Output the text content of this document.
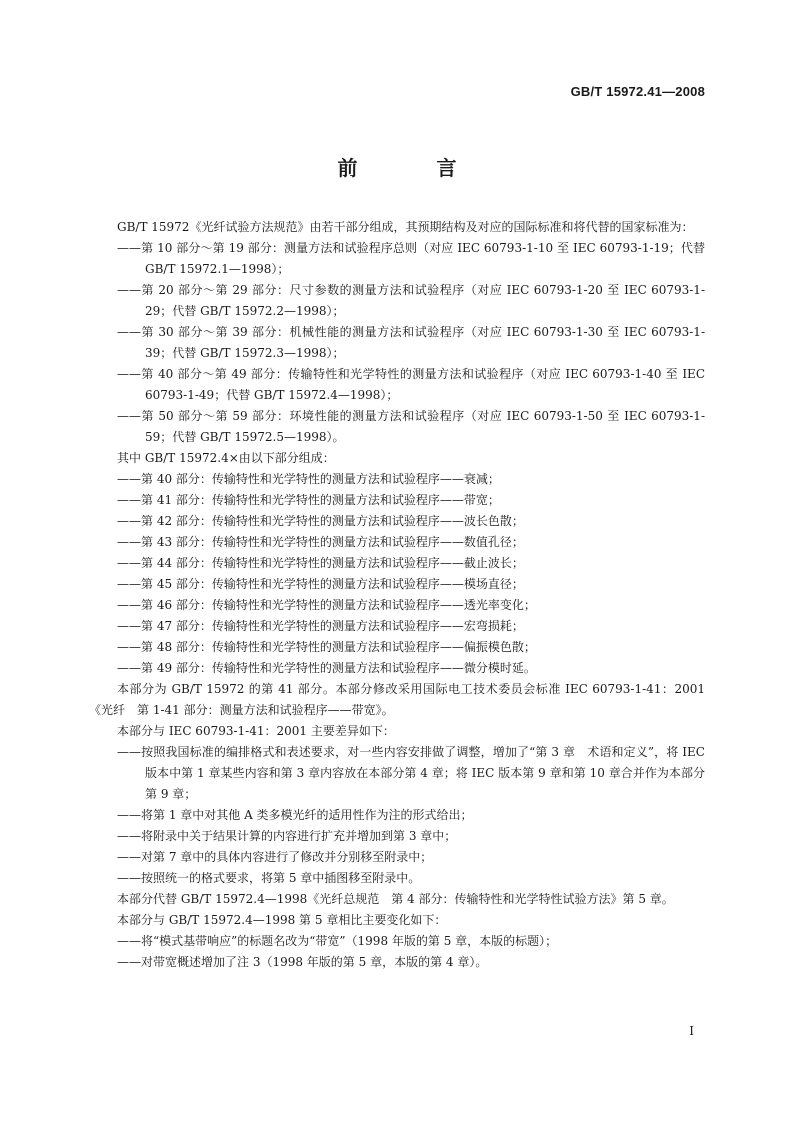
GB/T 15972.41—2008
前 言

GB/T 15972《光纤试验方法规范》由若干部分组成，其预期结构及对应的国际标准和将代替的国家标准为：

——第 10 部分～第 19 部分：测量方法和试验程序总则（对应 IEC 60793-1-10 至 IEC 60793-1-19；代替 GB/T 15972.1—1998）；

——第 20 部分～第 29 部分：尺寸参数的测量方法和试验程序（对应 IEC 60793-1-20 至 IEC 60793-1-29；代替 GB/T 15972.2—1998）；

——第 30 部分～第 39 部分：机械性能的测量方法和试验程序（对应 IEC 60793-1-30 至 IEC 60793-1-39；代替 GB/T 15972.3—1998）；

——第 40 部分～第 49 部分：传输特性和光学特性的测量方法和试验程序（对应 IEC 60793-1-40 至 IEC 60793-1-49；代替 GB/T 15972.4—1998）；

——第 50 部分～第 59 部分：环境性能的测量方法和试验程序（对应 IEC 60793-1-50 至 IEC 60793-1-59；代替 GB/T 15972.5—1998）。

其中 GB/T 15972.4×由以下部分组成：

——第 40 部分：传输特性和光学特性的测量方法和试验程序——衰减；

——第 41 部分：传输特性和光学特性的测量方法和试验程序——带宽；

——第 42 部分：传输特性和光学特性的测量方法和试验程序——波长色散；

——第 43 部分：传输特性和光学特性的测量方法和试验程序——数值孔径；

——第 44 部分：传输特性和光学特性的测量方法和试验程序——截止波长；

——第 45 部分：传输特性和光学特性的测量方法和试验程序——模场直径；

——第 46 部分：传输特性和光学特性的测量方法和试验程序——透光率变化；

——第 47 部分：传输特性和光学特性的测量方法和试验程序——宏弯损耗；

——第 48 部分：传输特性和光学特性的测量方法和试验程序——偏振模色散；

——第 49 部分：传输特性和光学特性的测量方法和试验程序——微分模时延。

本部分为 GB/T 15972 的第 41 部分。本部分修改采用国际电工技术委员会标准 IEC 60793-1-41：2001《光纤　第 1-41 部分：测量方法和试验程序——带宽》。

本部分与 IEC 60793-1-41：2001 主要差异如下：

——按照我国标准的编排格式和表述要求，对一些内容安排做了调整，增加了“第 3 章　术语和定义”，将 IEC 版本中第 1 章某些内容和第 3 章内容放在本部分第 4 章；将 IEC 版本第 9 章和第 10 章合并作为本部分第 9 章；

——将第 1 章中对其他 A 类多模光纤的适用性作为注的形式给出；

——将附录中关于结果计算的内容进行扩充并增加到第 3 章中；

——对第 7 章中的具体内容进行了修改并分别移至附录中；

——按照统一的格式要求，将第 5 章中插图移至附录中。

本部分代替 GB/T 15972.4—1998《光纤总规范　第 4 部分：传输特性和光学特性试验方法》第 5 章。

本部分与 GB/T 15972.4—1998 第 5 章相比主要变化如下：

——将“模式基带响应”的标题名改为“带宽”（1998 年版的第 5 章，本版的标题）；

——对带宽概述增加了注 3（1998 年版的第 5 章，本版的第 4 章）。

I
